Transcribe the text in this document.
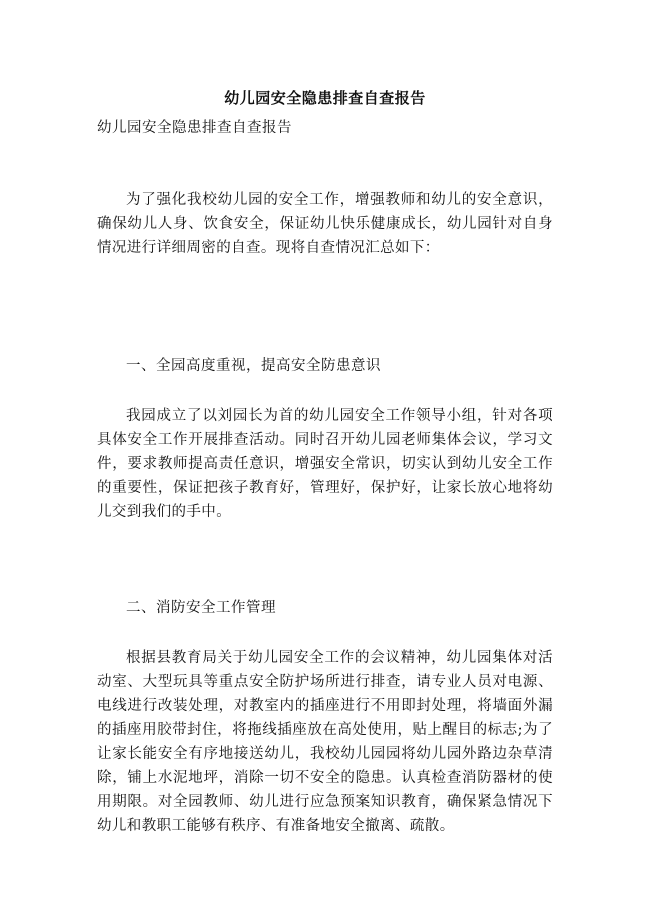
幼儿园安全隐患排查自查报告
幼儿园安全隐患排查自查报告

为了强化我校幼儿园的安全工作，增强教师和幼儿的安全意识，确保幼儿人身、饮食安全，保证幼儿快乐健康成长，幼儿园针对自身情况进行详细周密的自查。现将自查情况汇总如下：

一、全园高度重视，提高安全防患意识

我园成立了以刘园长为首的幼儿园安全工作领导小组，针对各项具体安全工作开展排查活动。同时召开幼儿园老师集体会议，学习文件，要求教师提高责任意识，增强安全常识，切实认到幼儿安全工作的重要性，保证把孩子教育好，管理好，保护好，让家长放心地将幼儿交到我们的手中。

二、消防安全工作管理

根据县教育局关于幼儿园安全工作的会议精神，幼儿园集体对活动室、大型玩具等重点安全防护场所进行排查，请专业人员对电源、电线进行改装处理，对教室内的插座进行不用即封处理，将墙面外漏的插座用胶带封住，将拖线插座放在高处使用，贴上醒目的标志;为了让家长能安全有序地接送幼儿，我校幼儿园园将幼儿园外路边杂草清除，铺上水泥地坪，消除一切不安全的隐患。认真检查消防器材的使用期限。对全园教师、幼儿进行应急预案知识教育，确保紧急情况下幼儿和教职工能够有秩序、有准备地安全撤离、疏散。
